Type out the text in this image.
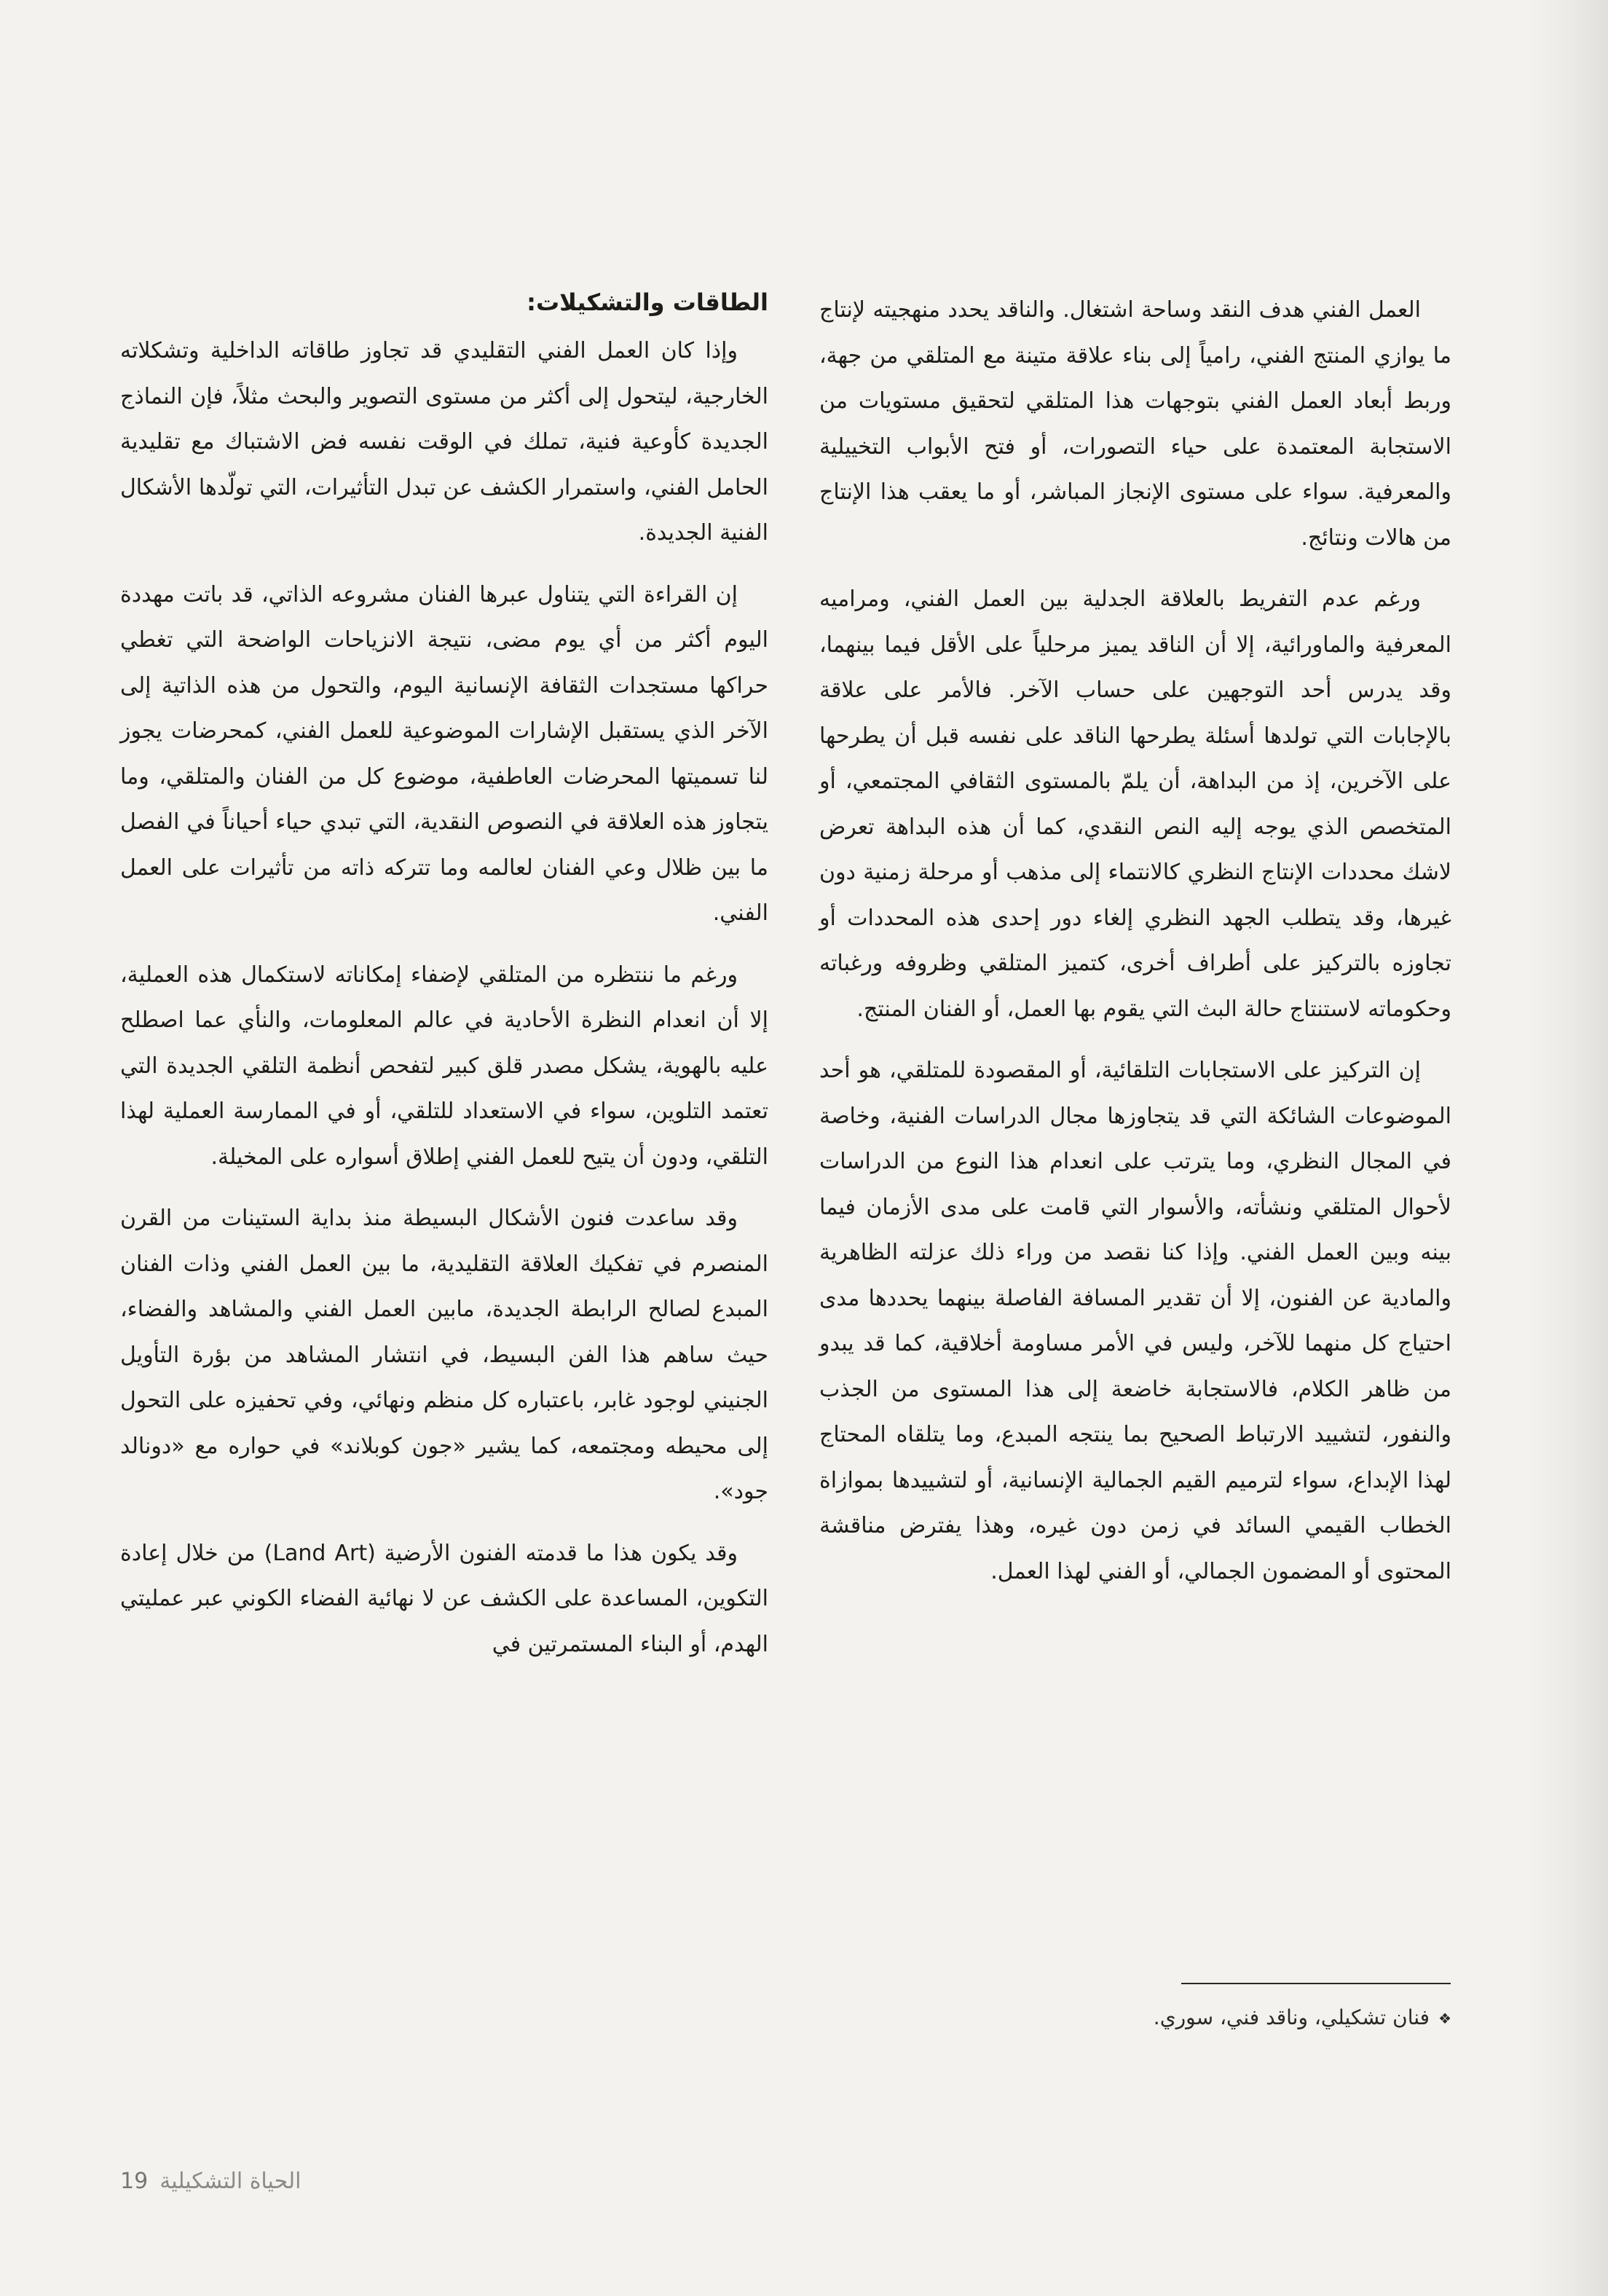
العمل الفني هدف النقد وساحة اشتغال. والناقد يحدد منهجيته لإنتاج ما يوازي المنتج الفني، رامياً إلى بناء علاقة متينة مع المتلقي من جهة، وربط أبعاد العمل الفني بتوجهات هذا المتلقي لتحقيق مستويات من الاستجابة المعتمدة على حياء التصورات، أو فتح الأبواب التخييلية والمعرفية. سواء على مستوى الإنجاز المباشر، أو ما يعقب هذا الإنتاج من هالات ونتائج.

ورغم عدم التفريط بالعلاقة الجدلية بين العمل الفني، ومراميه المعرفية والماورائية، إلا أن الناقد يميز مرحلياً على الأقل فيما بينهما، وقد يدرس أحد التوجهين على حساب الآخر. فالأمر على علاقة بالإجابات التي تولدها أسئلة يطرحها الناقد على نفسه قبل أن يطرحها على الآخرين، إذ من البداهة، أن يلمّ بالمستوى الثقافي المجتمعي، أو المتخصص الذي يوجه إليه النص النقدي، كما أن هذه البداهة تعرض لاشك محددات الإنتاج النظري كالانتماء إلى مذهب أو مرحلة زمنية دون غيرها، وقد يتطلب الجهد النظري إلغاء دور إحدى هذه المحددات أو تجاوزه بالتركيز على أطراف أخرى، كتميز المتلقي وظروفه ورغباته وحكوماته لاستنتاج حالة البث التي يقوم بها العمل، أو الفنان المنتج.

إن التركيز على الاستجابات التلقائية، أو المقصودة للمتلقي، هو أحد الموضوعات الشائكة التي قد يتجاوزها مجال الدراسات الفنية، وخاصة في المجال النظري، وما يترتب على انعدام هذا النوع من الدراسات لأحوال المتلقي ونشأته، والأسوار التي قامت على مدى الأزمان فيما بينه وبين العمل الفني. وإذا كنا نقصد من وراء ذلك عزلته الظاهرية والمادية عن الفنون، إلا أن تقدير المسافة الفاصلة بينهما يحددها مدى احتياج كل منهما للآخر، وليس في الأمر مساومة أخلاقية، كما قد يبدو من ظاهر الكلام، فالاستجابة خاضعة إلى هذا المستوى من الجذب والنفور، لتشييد الارتباط الصحيح بما ينتجه المبدع، وما يتلقاه المحتاج لهذا الإبداع، سواء لترميم القيم الجمالية الإنسانية، أو لتشييدها بموازاة الخطاب القيمي السائد في زمن دون غيره، وهذا يفترض مناقشة المحتوى أو المضمون الجمالي، أو الفني لهذا العمل.

الطاقات والتشكيلات:

وإذا كان العمل الفني التقليدي قد تجاوز طاقاته الداخلية وتشكلاته الخارجية، ليتحول إلى أكثر من مستوى التصوير والبحث مثلاً، فإن النماذج الجديدة كأوعية فنية، تملك في الوقت نفسه فض الاشتباك مع تقليدية الحامل الفني، واستمرار الكشف عن تبدل التأثيرات، التي تولّدها الأشكال الفنية الجديدة.

إن القراءة التي يتناول عبرها الفنان مشروعه الذاتي، قد باتت مهددة اليوم أكثر من أي يوم مضى، نتيجة الانزياحات الواضحة التي تغطي حراكها مستجدات الثقافة الإنسانية اليوم، والتحول من هذه الذاتية إلى الآخر الذي يستقبل الإشارات الموضوعية للعمل الفني، كمحرضات يجوز لنا تسميتها المحرضات العاطفية، موضوع كل من الفنان والمتلقي، وما يتجاوز هذه العلاقة في النصوص النقدية، التي تبدي حياء أحياناً في الفصل ما بين ظلال وعي الفنان لعالمه وما تتركه ذاته من تأثيرات على العمل الفني.

ورغم ما ننتظره من المتلقي لإضفاء إمكاناته لاستكمال هذه العملية، إلا أن انعدام النظرة الأحادية في عالم المعلومات، والنأي عما اصطلح عليه بالهوية، يشكل مصدر قلق كبير لتفحص أنظمة التلقي الجديدة التي تعتمد التلوين، سواء في الاستعداد للتلقي، أو في الممارسة العملية لهذا التلقي، ودون أن يتيح للعمل الفني إطلاق أسواره على المخيلة.

وقد ساعدت فنون الأشكال البسيطة منذ بداية الستينات من القرن المنصرم في تفكيك العلاقة التقليدية، ما بين العمل الفني وذات الفنان المبدع لصالح الرابطة الجديدة، مابين العمل الفني والمشاهد والفضاء، حيث ساهم هذا الفن البسيط، في انتشار المشاهد من بؤرة التأويل الجنيني لوجود غابر، باعتباره كل منظم ونهائي، وفي تحفيزه على التحول إلى محيطه ومجتمعه، كما يشير «جون كوبلاند» في حواره مع «دونالد جود».

وقد يكون هذا ما قدمته الفنون الأرضية (Land Art) من خلال إعادة التكوين، المساعدة على الكشف عن لا نهائية الفضاء الكوني عبر عمليتي الهدم، أو البناء المستمرتين في

❖فنان تشكيلي، وناقد فني، سوري.
الحياة التشكيلية19
